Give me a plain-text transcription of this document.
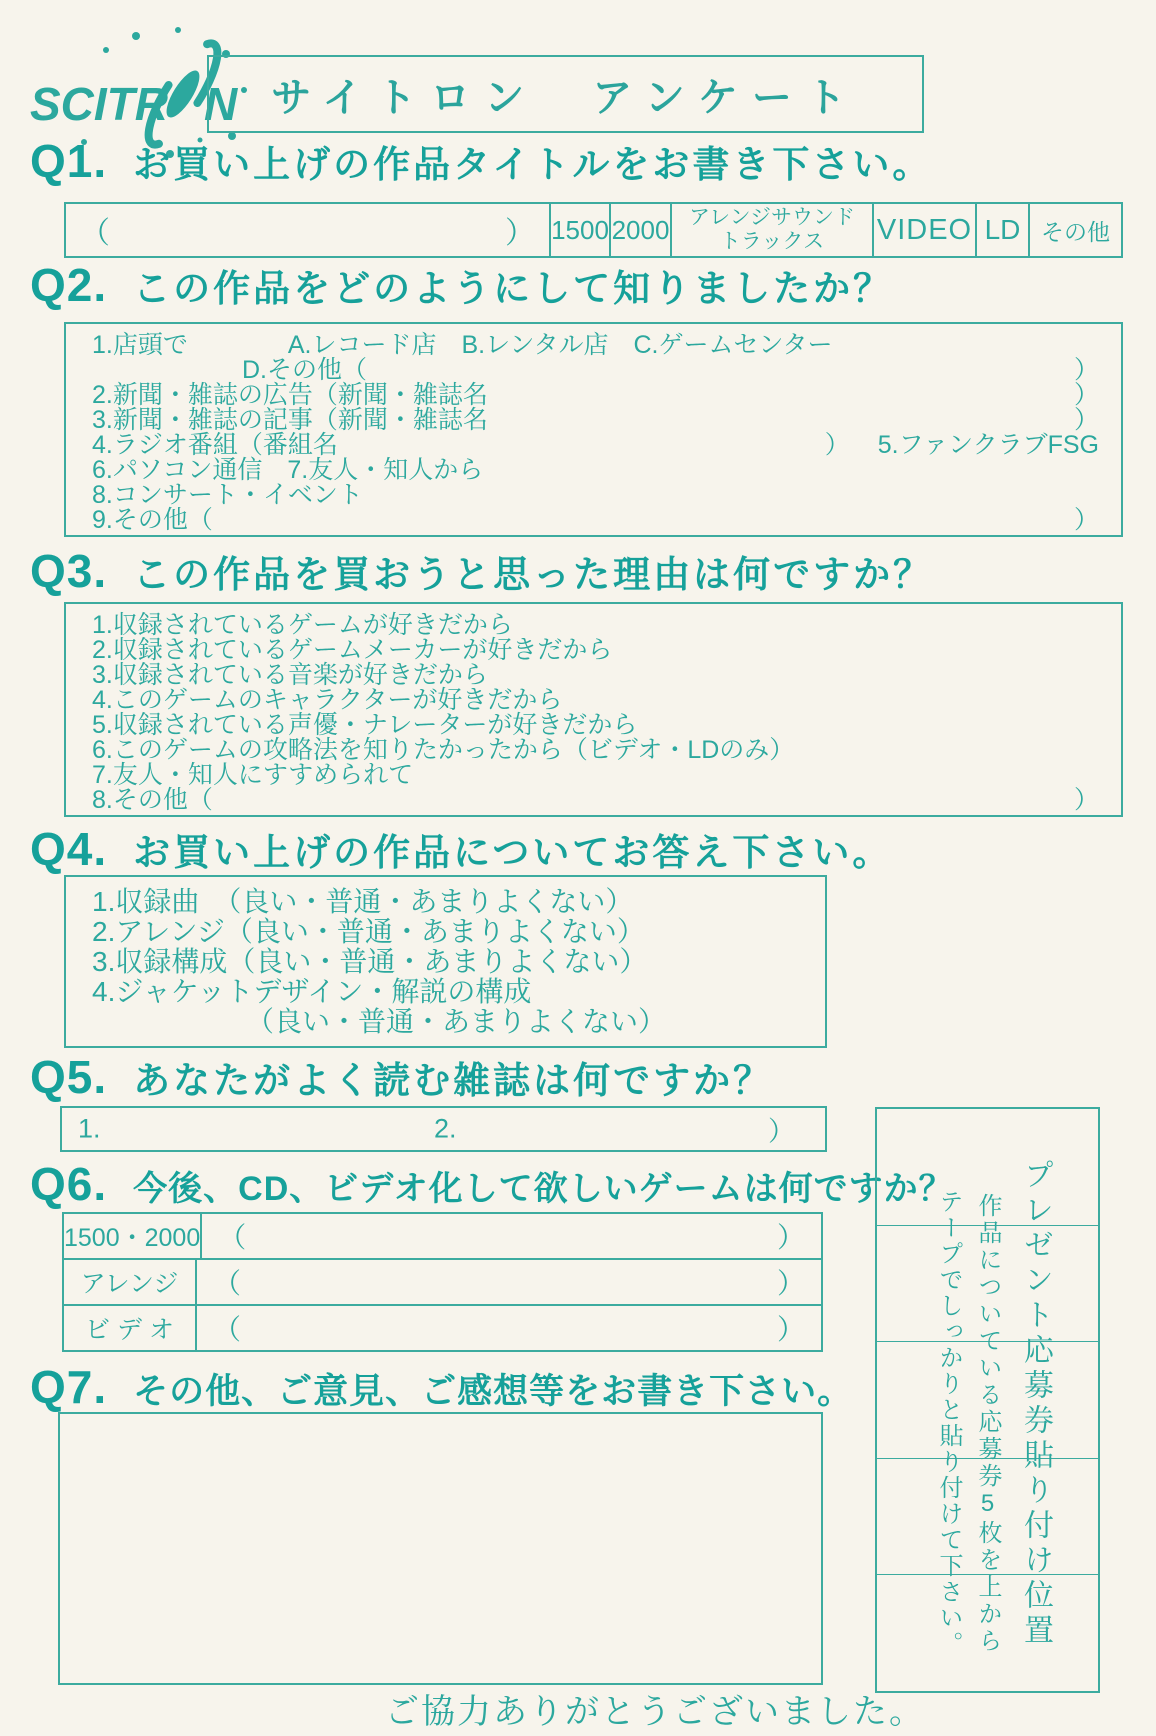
SCITR N サイトロン　アンケート
Q1. お買い上げの作品タイトルをお書き下さい。
（	） 1500 2000 アレンジサウンド
トラックス VIDEO LD その他
Q2. この作品をどのようにして知りましたか？
1.店頭で　　　　A.レコード店　B.レンタル店　C.ゲームセンター
　　　　　　D.その他（	）
2.新聞・雑誌の広告（新聞・雑誌名	）
3.新聞・雑誌の記事（新聞・雑誌名	）
4.ラジオ番組（番組名	） 5.ファンクラブFSG
6.パソコン通信　7.友人・知人から
8.コンサート・イベント
9.その他（	）
Q3. この作品を買おうと思った理由は何ですか？
1.収録されているゲームが好きだから
2.収録されているゲームメーカーが好きだから
3.収録されている音楽が好きだから
4.このゲームのキャラクターが好きだから
5.収録されている声優・ナレーターが好きだから
6.このゲームの攻略法を知りたかったから（ビデオ・LDのみ）
7.友人・知人にすすめられて
8.その他（	）
Q4. お買い上げの作品についてお答え下さい。
1.収録曲　（良い・普通・あまりよくない）
2.アレンジ（良い・普通・あまりよくない）
3.収録構成（良い・普通・あまりよくない）
4.ジャケットデザイン・解説の構成
　　　　　　（良い・普通・あまりよくない）
Q5. あなたがよく読む雑誌は何ですか？
1.	2.	）
Q6. 今後、CD、ビデオ化して欲しいゲームは何ですか？
1500・2000 （	）
アレンジ	（	）
ビ デ オ	（	）
Q7. その他、ご意見、ご感想等をお書き下さい。	プレゼント応募券貼り付け位置
作品についている応募券5枚を上から
テープでしっかりと貼り付けて下さい。
ご協力ありがとうございました。
